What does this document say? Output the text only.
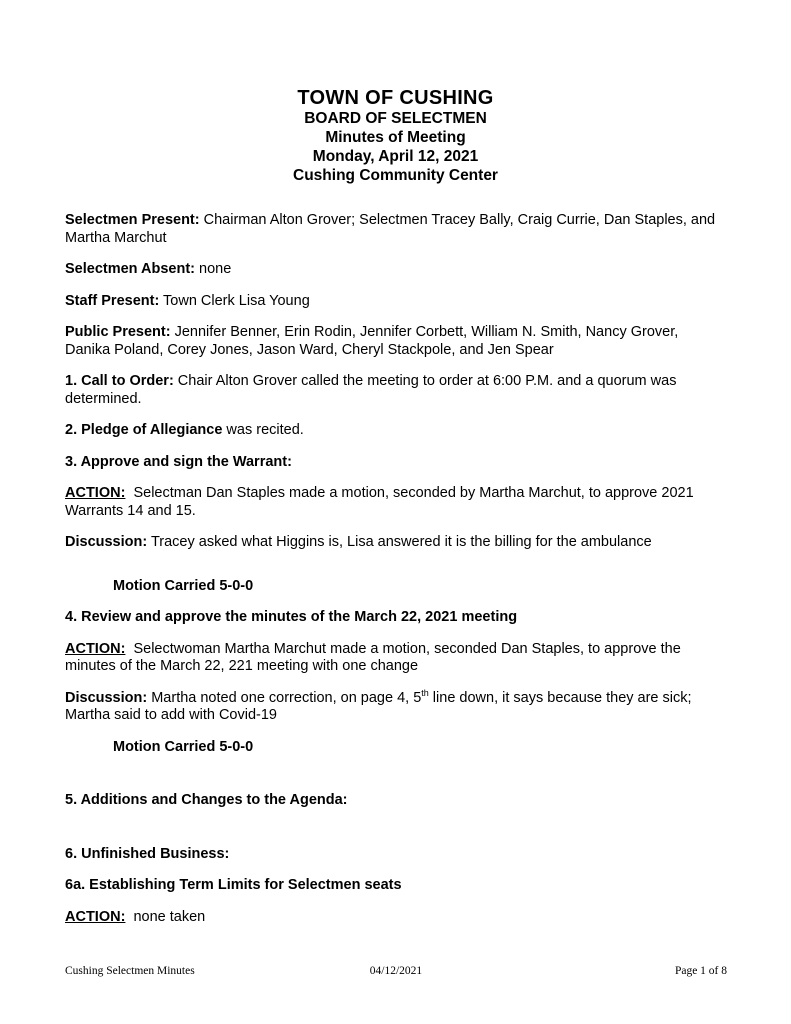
TOWN OF CUSHING
BOARD OF SELECTMEN
Minutes of Meeting
Monday, April 12, 2021
Cushing Community Center

Selectmen Present: Chairman Alton Grover; Selectmen Tracey Bally, Craig Currie, Dan Staples, and Martha Marchut

Selectmen Absent: none

Staff Present: Town Clerk Lisa Young

Public Present: Jennifer Benner, Erin Rodin, Jennifer Corbett, William N. Smith, Nancy Grover, Danika Poland, Corey Jones, Jason Ward, Cheryl Stackpole, and Jen Spear

1. Call to Order: Chair Alton Grover called the meeting to order at 6:00 P.M. and a quorum was determined.

2. Pledge of Allegiance was recited.

3. Approve and sign the Warrant:

ACTION:  Selectman Dan Staples made a motion, seconded by Martha Marchut, to approve 2021 Warrants 14 and 15.

Discussion: Tracey asked what Higgins is, Lisa answered it is the billing for the ambulance

Motion Carried 5-0-0

4. Review and approve the minutes of the March 22, 2021 meeting

ACTION:  Selectwoman Martha Marchut made a motion, seconded Dan Staples, to approve the minutes of the March 22, 221 meeting with one change

Discussion: Martha noted one correction, on page 4, 5th line down, it says because they are sick; Martha said to add with Covid-19

Motion Carried 5-0-0

5. Additions and Changes to the Agenda:

6. Unfinished Business:

6a. Establishing Term Limits for Selectmen seats

ACTION:  none taken

Cushing Selectmen Minutes	04/12/2021	Page 1 of 8
